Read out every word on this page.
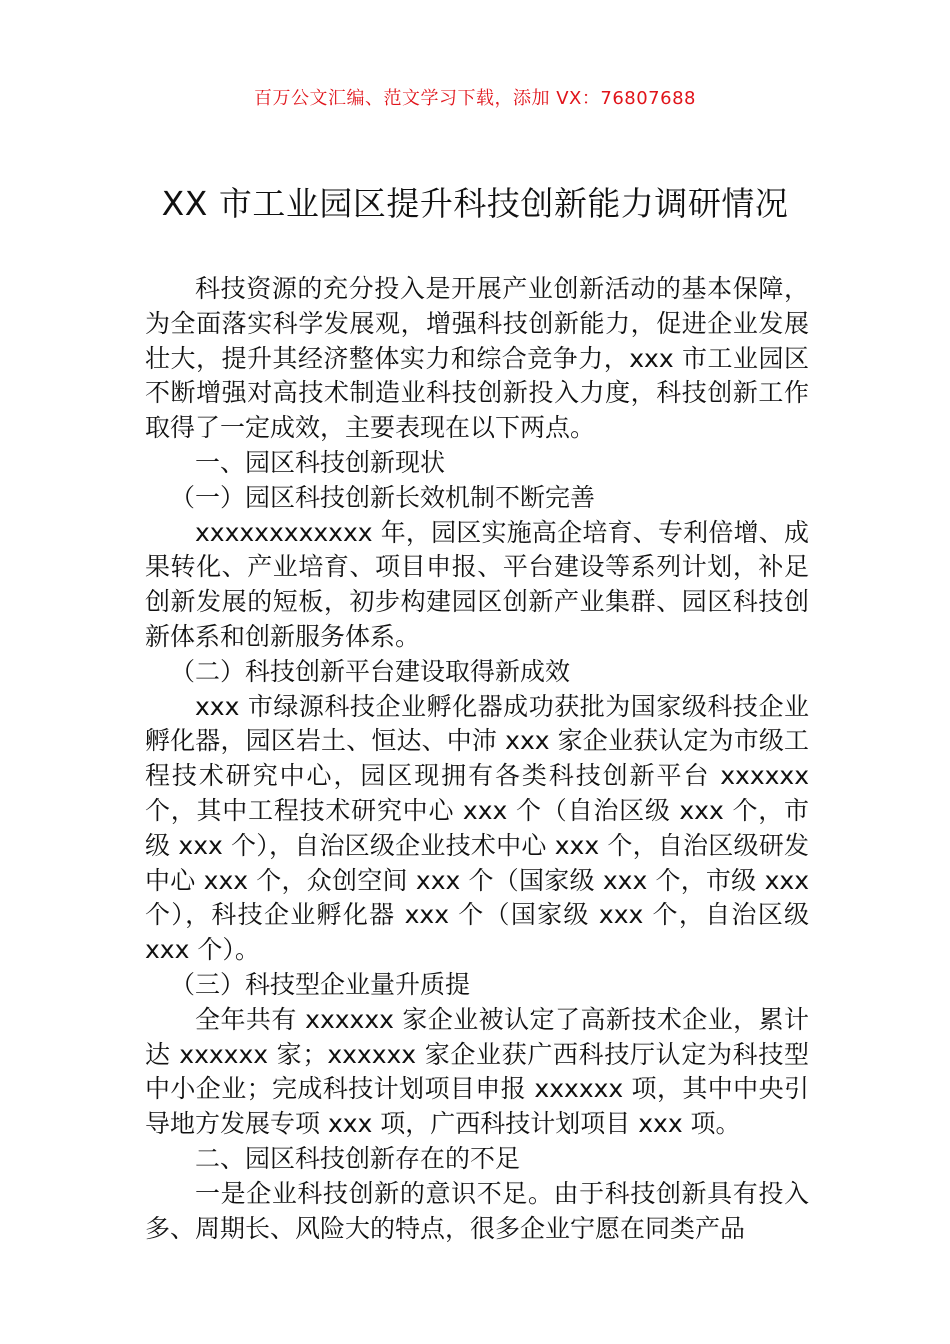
百万公文汇编、范文学习下载，添加 VX：76807688
XX 市工业园区提升科技创新能力调研情况

科技资源的充分投入是开展产业创新活动的基本保障，为全面落实科学发展观，增强科技创新能力，促进企业发展壮大，提升其经济整体实力和综合竞争力，xxx 市工业园区不断增强对高技术制造业科技创新投入力度，科技创新工作取得了一定成效，主要表现在以下两点。

一、园区科技创新现状

（一）园区科技创新长效机制不断完善

xxxxxxxxxxxx 年，园区实施高企培育、专利倍增、成果转化、产业培育、项目申报、平台建设等系列计划，补足创新发展的短板，初步构建园区创新产业集群、园区科技创新体系和创新服务体系。

（二）科技创新平台建设取得新成效

xxx 市绿源科技企业孵化器成功获批为国家级科技企业孵化器，园区岩土、恒达、中沛 xxx 家企业获认定为市级工程技术研究中心，园区现拥有各类科技创新平台 xxxxxx 个，其中工程技术研究中心 xxx 个（自治区级 xxx 个，市级 xxx 个），自治区级企业技术中心 xxx 个，自治区级研发中心 xxx 个，众创空间 xxx 个（国家级 xxx 个，市级 xxx 个），科技企业孵化器 xxx 个（国家级 xxx 个，自治区级 xxx 个）。

（三）科技型企业量升质提

全年共有 xxxxxx 家企业被认定了高新技术企业，累计达 xxxxxx 家；xxxxxx 家企业获广西科技厅认定为科技型中小企业；完成科技计划项目申报 xxxxxx 项，其中中央引导地方发展专项 xxx 项，广西科技计划项目 xxx 项。

二、园区科技创新存在的不足

一是企业科技创新的意识不足。由于科技创新具有投入多、周期长、风险大的特点，很多企业宁愿在同类产品
